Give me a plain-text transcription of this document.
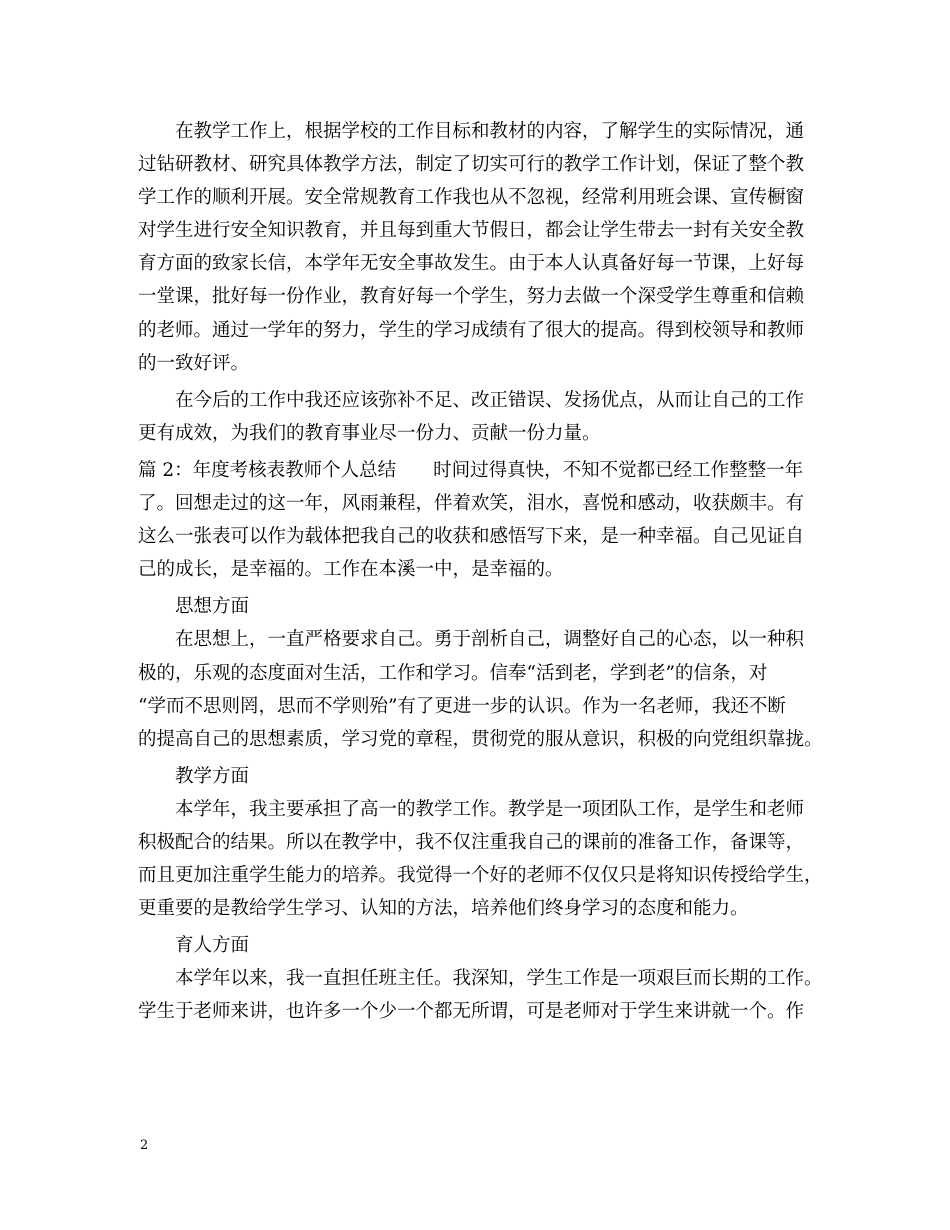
在教学工作上，根据学校的工作目标和教材的内容，了解学生的实际情况，通
过钻研教材、研究具体教学方法，制定了切实可行的教学工作计划，保证了整个教
学工作的顺利开展。安全常规教育工作我也从不忽视，经常利用班会课、宣传橱窗
对学生进行安全知识教育，并且每到重大节假日，都会让学生带去一封有关安全教
育方面的致家长信，本学年无安全事故发生。由于本人认真备好每一节课，上好每
一堂课，批好每一份作业，教育好每一个学生，努力去做一个深受学生尊重和信赖
的老师。通过一学年的努力，学生的学习成绩有了很大的提高。得到校领导和教师
的一致好评。
在今后的工作中我还应该弥补不足、改正错误、发扬优点，从而让自己的工作
更有成效，为我们的教育事业尽一份力、贡献一份力量。
篇 2：年度考核表教师个人总结　　时间过得真快，不知不觉都已经工作整整一年
了。回想走过的这一年，风雨兼程，伴着欢笑，泪水，喜悦和感动，收获颇丰。有
这么一张表可以作为载体把我自己的收获和感悟写下来，是一种幸福。自己见证自
己的成长，是幸福的。工作在本溪一中，是幸福的。
思想方面
在思想上，一直严格要求自己。勇于剖析自己，调整好自己的心态，以一种积
极的，乐观的态度面对生活，工作和学习。信奉“活到老，学到老”的信条，对
“学而不思则罔，思而不学则殆”有了更进一步的认识。作为一名老师，我还不断
的提高自己的思想素质，学习党的章程，贯彻党的服从意识，积极的向党组织靠拢。
教学方面
本学年，我主要承担了高一的教学工作。教学是一项团队工作，是学生和老师
积极配合的结果。所以在教学中，我不仅注重我自己的课前的准备工作，备课等，
而且更加注重学生能力的培养。我觉得一个好的老师不仅仅只是将知识传授给学生，
更重要的是教给学生学习、认知的方法，培养他们终身学习的态度和能力。
育人方面
本学年以来，我一直担任班主任。我深知，学生工作是一项艰巨而长期的工作。
学生于老师来讲，也许多一个少一个都无所谓，可是老师对于学生来讲就一个。作
2
